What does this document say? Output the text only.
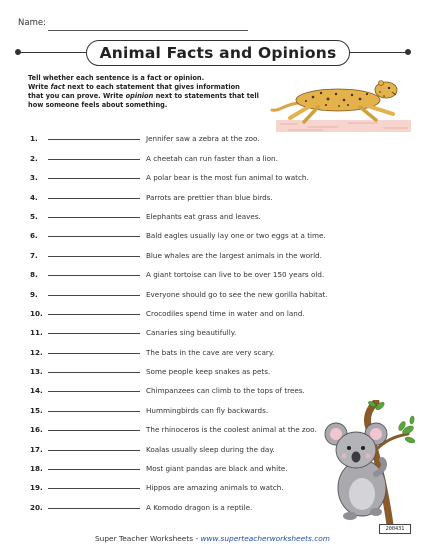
Name:
Animal Facts and Opinions
Tell whether each sentence is a fact or opinion.
Write fact next to each statement that gives information
that you can prove. Write opinion next to statements that tell
how someone feels about something.
1.	Jennifer saw a zebra at the zoo.
2.	A cheetah can run faster than a lion.
3.	A polar bear is the most fun animal to watch.
4.	Parrots are prettier than blue birds.
5.	Elephants eat grass and leaves.
6.	Bald eagles usually lay one or two eggs at a time.
7.	Blue whales are the largest animals in the world.
8.	A giant tortoise can live to be over 150 years old.
9.	Everyone should go to see the new gorilla habitat.
10.	Crocodiles spend time in water and on land.
11.	Canaries sing beautifully.
12.	The bats in the cave are very scary.
13.	Some people keep snakes as pets.
14.	Chimpanzees can climb to the tops of trees.
15.	Hummingbirds can fly backwards.
16.	The rhinoceros is the coolest animal at the zoo.
17.	Koalas usually sleep during the day.
18.	Most giant pandas are black and white.
19.	Hippos are amazing animals to watch.
20.	A Komodo dragon is a reptile.
200431
Super Teacher Worksheets - www.superteacherworksheets.com
